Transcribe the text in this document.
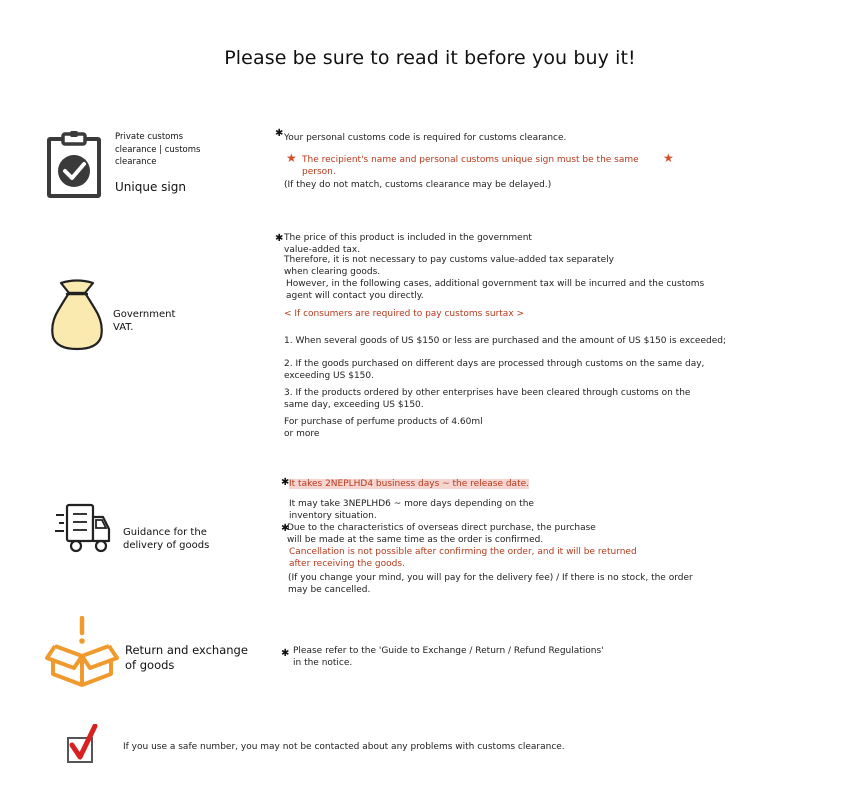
Please be sure to read it before you buy it!
Private customs clearance | customs clearance
Unique sign
✱ Your personal customs code is required for customs clearance.
★ The recipient's name and personal customs unique sign must be the same person.
★
(If they do not match, customs clearance may be delayed.)
Government VAT.
✱ The price of this product is included in the government value-added tax.
Therefore, it is not necessary to pay customs value-added tax separately when clearing goods.
However, in the following cases, additional government tax will be incurred and the customs agent will contact you directly.
< If consumers are required to pay customs surtax >
1. When several goods of US $150 or less are purchased and the amount of US $150 is exceeded;
2. If the goods purchased on different days are processed through customs on the same day, exceeding US $150.
3. If the products ordered by other enterprises have been cleared through customs on the same day, exceeding US $150.
For purchase of perfume products of 4.60ml or more
Guidance for the delivery of goods
✱ It takes 2NEPLHD4 business days ~ the release date.
It may take 3NEPLHD6 ~ more days depending on the inventory situation.
✱
Due to the characteristics of overseas direct purchase, the purchase will be made at the same time as the order is confirmed.
Cancellation is not possible after confirming the order, and it will be returned after receiving the goods.
(If you change your mind, you will pay for the delivery fee) / If there is no stock, the order may be cancelled.
Return and exchange of goods
✱ Please refer to the 'Guide to Exchange / Return / Refund Regulations' in the notice.
If you use a safe number, you may not be contacted about any problems with customs clearance.
